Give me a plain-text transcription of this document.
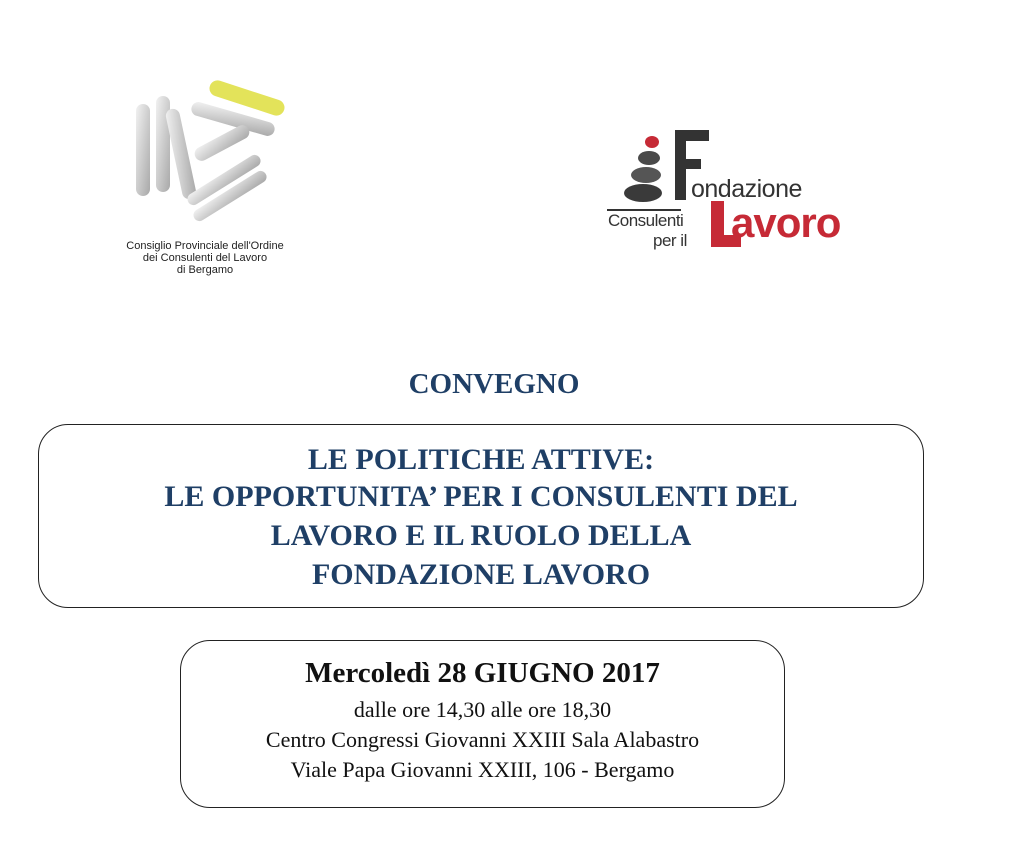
Consiglio Provinciale dell'Ordine
dei Consulenti del Lavoro
di Bergamo
ondazione
Consulenti
per il avoro
CONVEGNO
LE POLITICHE ATTIVE:
LE OPPORTUNITA’ PER I CONSULENTI DEL
LAVORO E IL RUOLO DELLA
FONDAZIONE LAVORO
Mercoledì 28 GIUGNO 2017
dalle ore 14,30 alle ore 18,30
Centro Congressi Giovanni XXIII Sala Alabastro
Viale Papa Giovanni XXIII, 106 - Bergamo
